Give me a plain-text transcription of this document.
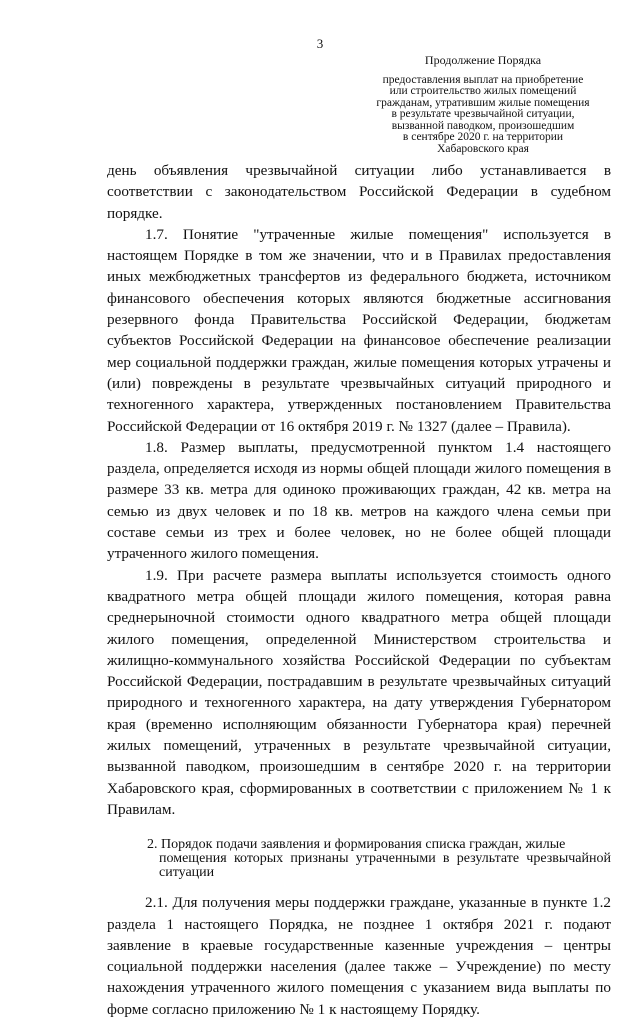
3
Продолжение Порядка
предоставления выплат на приобретение
или строительство жилых помещений
гражданам, утратившим жилые помещения
в результате чрезвычайной ситуации,
вызванной паводком, произошедшим
в сентябре 2020 г. на территории
Хабаровского края

день объявления чрезвычайной ситуации либо устанавливается в соответствии с законодательством Российской Федерации в судебном порядке.

1.7. Понятие "утраченные жилые помещения" используется в настоящем Порядке в том же значении, что и в Правилах предоставления иных межбюджетных трансфертов из федерального бюджета, источником финансового обеспечения которых являются бюджетные ассигнования резервного фонда Правительства Российской Федерации, бюджетам субъектов Российской Федерации на финансовое обеспечение реализации мер социальной поддержки граждан, жилые помещения которых утрачены и (или) повреждены в результате чрезвычайных ситуаций природного и техногенного характера, утвержденных постановлением Правительства Российской Федерации от 16 октября 2019 г. № 1327 (далее – Правила).

1.8. Размер выплаты, предусмотренной пунктом 1.4 настоящего раздела, определяется исходя из нормы общей площади жилого помещения в размере 33 кв. метра для одиноко проживающих граждан, 42 кв. метра на семью из двух человек и по 18 кв. метров на каждого члена семьи при составе семьи из трех и более человек, но не более общей площади утраченного жилого помещения.

1.9. При расчете размера выплаты используется стоимость одного квадратного метра общей площади жилого помещения, которая равна среднерыночной стоимости одного квадратного метра общей площади жилого помещения, определенной Министерством строительства и жилищно-коммунального хозяйства Российской Федерации по субъектам Российской Федерации, пострадавшим в результате чрезвычайных ситуаций природного и техногенного характера, на дату утверждения Губернатором края (временно исполняющим обязанности Губернатора края) перечней жилых помещений, утраченных в результате чрезвычайной ситуации, вызванной паводком, произошедшим в сентябре 2020 г. на территории Хабаровского края, сформированных в соответствии с приложением № 1 к Правилам.

2. Порядок подачи заявления и формирования списка граждан, жилые
помещения которых признаны утраченными в результате чрезвычайной ситуации

2.1. Для получения меры поддержки граждане, указанные в пункте 1.2 раздела 1 настоящего Порядка, не позднее 1 октября 2021 г. подают заявление в краевые государственные казенные учреждения – центры социальной поддержки населения (далее также – Учреждение) по месту нахождения утраченного жилого помещения с указанием вида выплаты по форме согласно приложению № 1 к настоящему Порядку.
